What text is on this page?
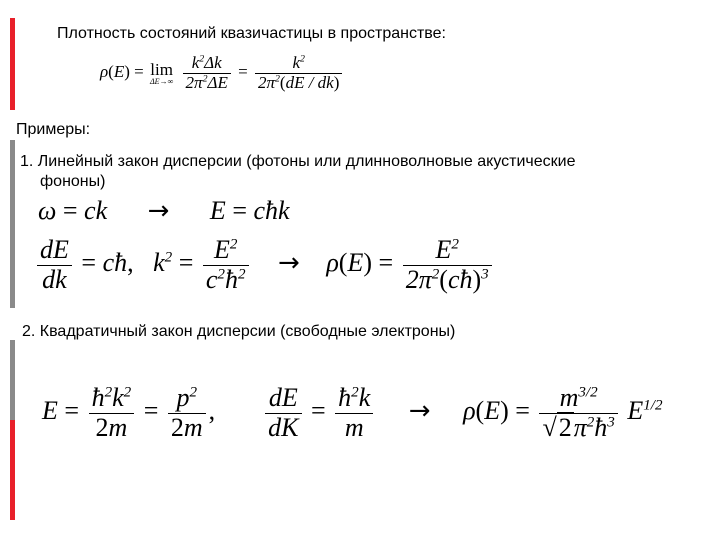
Плотность состояний квазичастицы в пространстве:
ρ(E) = lim
ΔE→∞
$\frac{k^2\Delta k}{2\pi^2\Delta E} = \frac{k^2}{2\pi^2(dE / dk)}$
Примеры:
1. Линейный закон дисперсии (фотоны или длинноволновые акустические
фононы)
ω = ck → E = cħk
$\frac{dE}{dk}$ = cħ,   $k^2 = \frac{E^2}{c^2ħ^2} \to \rho(E) = \frac{E^2}{2\pi^2(cħ)^3}$
2. Квадратичный закон дисперсии (свободные электроны)
$E = \frac{ħ^2k^2}{2m} = \frac{p^2}{2m}$ , $\frac{dE}{dK} = \frac{ħ^2k}{m} \to \rho(E) = \frac{m^{3/2}}{√2\pi^2ħ^3} E^{1/2}$
